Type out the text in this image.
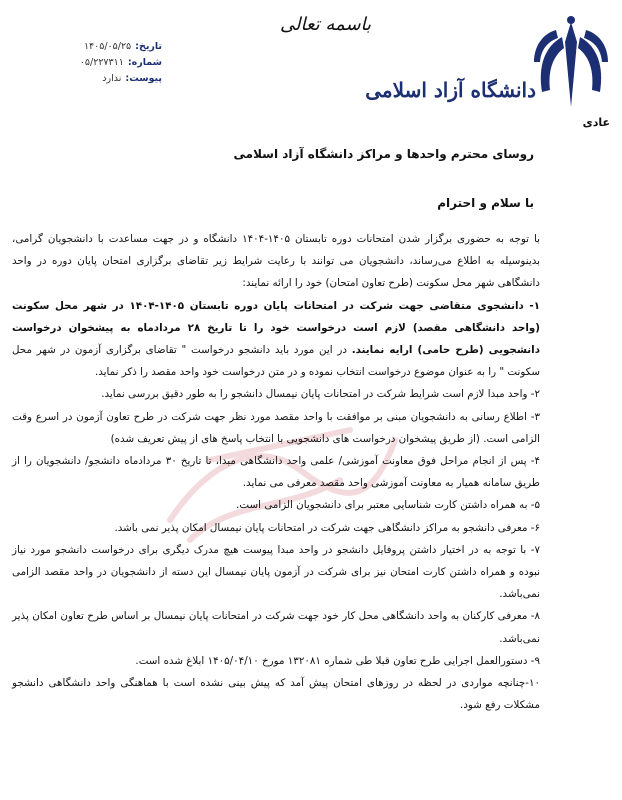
دانشگاه آزاد اسلامی
باسمه تعالی
تاریخ:
۱۴۰۵/۰۵/۲۵
شماره:
۰۵/۲۲۷۳۱۱
پیوست:
ندارد
عادی
روسای محترم واحدها و مراکز دانشگاه آزاد اسلامی
با سلام و احترام

با توجه به حضوری برگزار شدن امتحانات دوره تابستان ۱۴۰۵-۱۴۰۴ دانشگاه و در جهت مساعدت با دانشجویان گرامی، بدینوسیله به اطلاع می‌رساند، دانشجویان می توانند با رعایت شرایط زیر تقاضای برگزاری امتحان پایان دوره در واحد دانشگاهی شهر محل سکونت (طرح تعاون امتحان) خود را ارائه نمایند:

۱- دانشجوی متقاضی جهت شرکت در امتحانات پایان دوره تابستان ۱۴۰۵-۱۴۰۴ در شهر محل سکونت (واحد دانشگاهی مقصد) لازم است درخواست خود را تا تاریخ ۲۸ مردادماه به پیشخوان درخواست دانشجویی (طرح حامی) ارایه نمایند. در این مورد باید دانشجو درخواست " تقاضای برگزاری آزمون در شهر محل سکونت " را به عنوان موضوع درخواست انتخاب نموده و در متن درخواست خود واحد مقصد را ذکر نماید.

۲- واحد مبدا لازم است شرایط شرکت در امتحانات پایان نیمسال دانشجو را به طور دقیق بررسی نماید.

۳- اطلاع رسانی به دانشجویان مبنی بر موافقت با واحد مقصد مورد نظر جهت شرکت در طرح تعاون آزمون در اسرع وقت الزامی است. (از طریق پیشخوان درخواست های دانشجویی با انتخاب پاسخ های از پیش تعریف شده)

۴- پس از انجام مراحل فوق معاونت آموزشی/ علمی واحد دانشگاهی مبدا، تا تاریخ ۳۰ مردادماه دانشجو/ دانشجویان را از طریق سامانه همیار به معاونت آموزشی واحد مقصد معرفی می نماید.

۵- به همراه داشتن کارت شناسایی معتبر برای دانشجویان الزامی است.

۶- معرفی دانشجو به مراکز دانشگاهی جهت شرکت در امتحانات پایان نیمسال امکان پذیر نمی باشد.

۷- با توجه به در اختیار داشتن پروفایل دانشجو در واحد مبدا پیوست هیچ مدرک دیگری برای درخواست دانشجو مورد نیاز نبوده و همراه داشتن کارت امتحان نیز برای شرکت در آزمون پایان نیمسال این دسته از دانشجویان در واحد مقصد الزامی نمی‌باشد.

۸- معرفی کارکنان به واحد دانشگاهی محل کار خود جهت شرکت در امتحانات پایان نیمسال بر اساس طرح تعاون امکان پذیر نمی‌باشد.

۹- دستورالعمل اجرایی طرح تعاون قبلا طی شماره ۱۳۲۰۸۱ مورخ ۱۴۰۵/۰۴/۱۰ ابلاغ شده است.

۱۰-چنانچه مواردی در لحظه در روزهای امتحان پیش آمد که پیش بینی نشده است با هماهنگی واحد دانشگاهی دانشجو مشکلات رفع شود.
